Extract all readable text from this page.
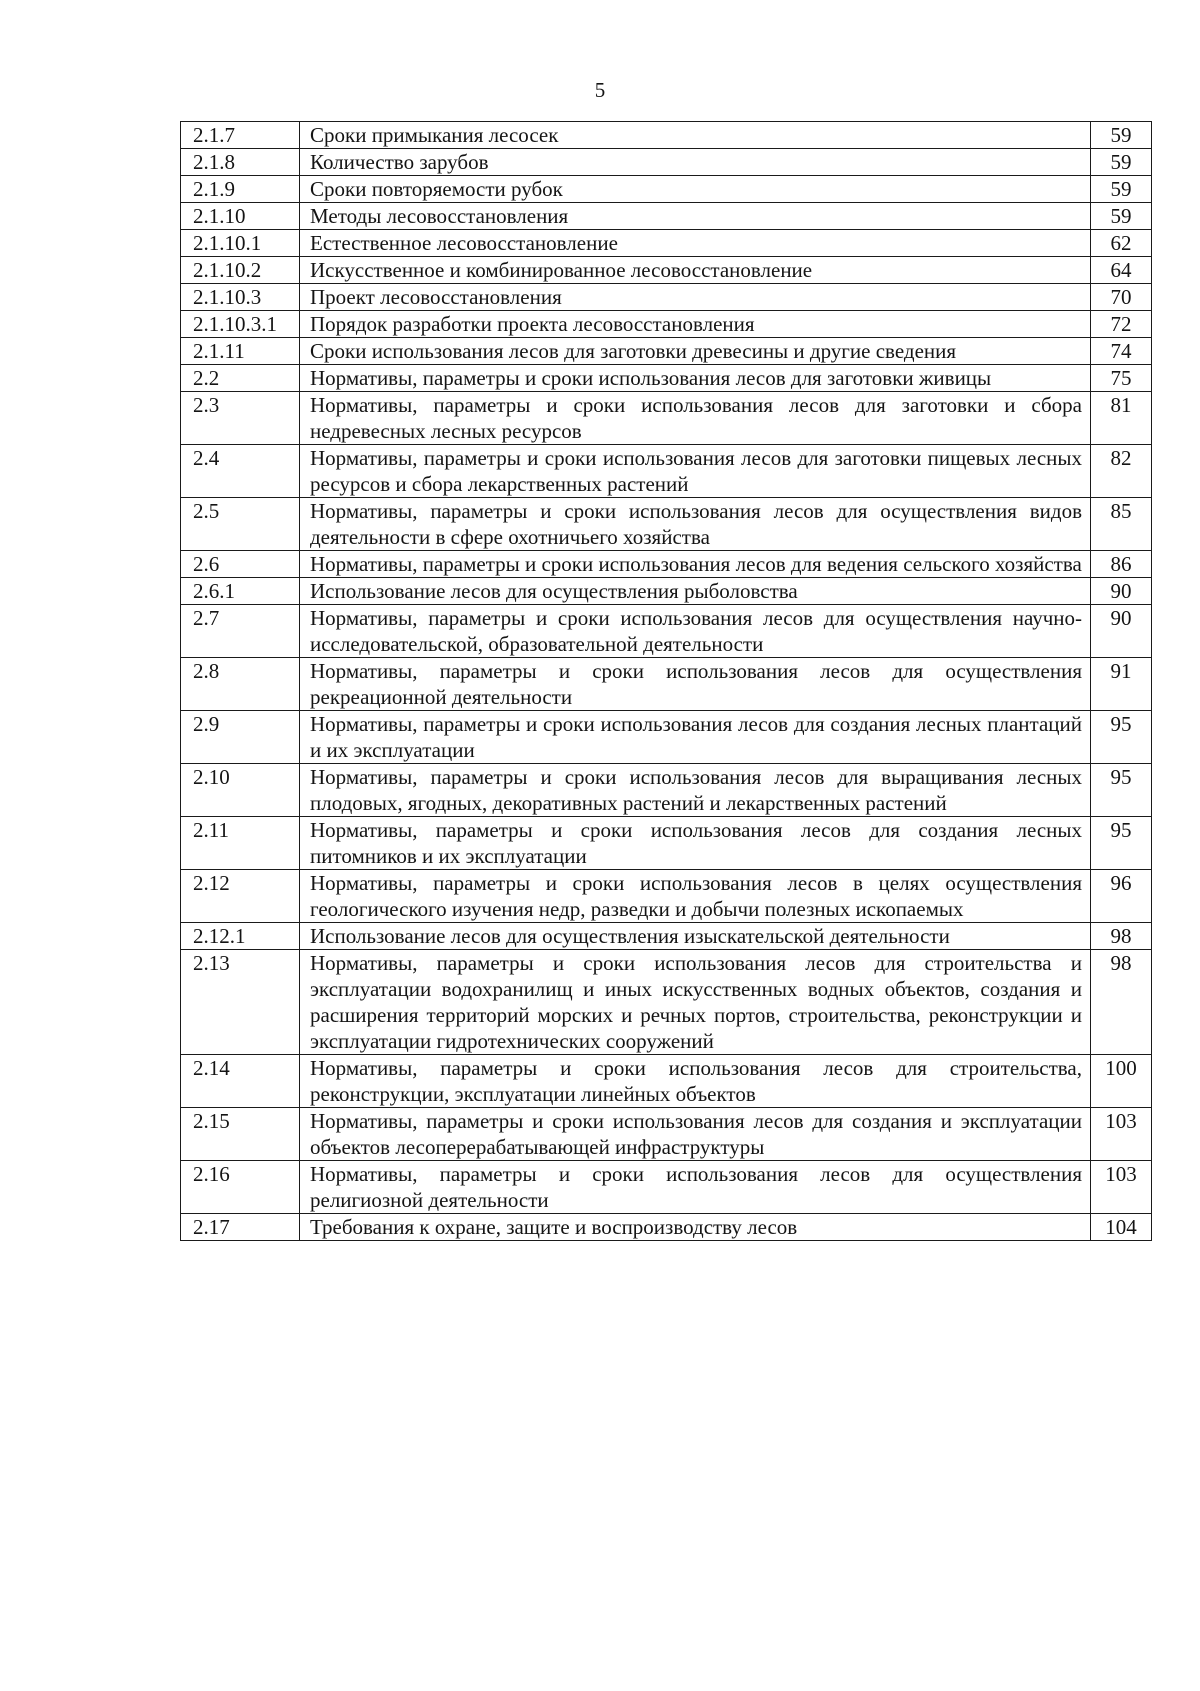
5
2.1.7	Сроки примыкания лесосек	59
2.1.8	Количество зарубов	59
2.1.9	Сроки повторяемости рубок	59
2.1.10	Методы лесовосстановления	59
2.1.10.1	Естественное лесовосстановление	62
2.1.10.2	Искусственное и комбинированное лесовосстановление	64
2.1.10.3	Проект лесовосстановления	70
2.1.10.3.1	Порядок разработки проекта лесовосстановления	72
2.1.11	Сроки использования лесов для заготовки древесины и другие сведения	74
2.2	Нормативы, параметры и сроки использования лесов для заготовки живицы	75
2.3	Нормативы, параметры и сроки использования лесов для заготовки и сбора недревесных лесных ресурсов	81
2.4	Нормативы, параметры и сроки использования лесов для заготовки пищевых лесных ресурсов и сбора лекарственных растений	82
2.5	Нормативы, параметры и сроки использования лесов для осуществления видов деятельности в сфере охотничьего хозяйства	85
2.6	Нормативы, параметры и сроки использования лесов для ведения сельского хозяйства	86
2.6.1	Использование лесов для осуществления рыболовства	90
2.7	Нормативы, параметры и сроки использования лесов для осуществления научно-исследовательской, образовательной деятельности	90
2.8	Нормативы, параметры и сроки использования лесов для осуществления рекреационной деятельности	91
2.9	Нормативы, параметры и сроки использования лесов для создания лесных плантаций и их эксплуатации	95
2.10	Нормативы, параметры и сроки использования лесов для выращивания лесных плодовых, ягодных, декоративных растений и лекарственных растений	95
2.11	Нормативы, параметры и сроки использования лесов для создания лесных питомников и их эксплуатации	95
2.12	Нормативы, параметры и сроки использования лесов в целях осуществления геологического изучения недр, разведки и добычи полезных ископаемых	96
2.12.1	Использование лесов для осуществления изыскательской деятельности	98
2.13	Нормативы, параметры и сроки использования лесов для строительства и эксплуатации водохранилищ и иных искусственных водных объектов, создания и расширения территорий морских и речных портов, строительства, реконструкции и эксплуатации гидротехнических сооружений	98
2.14	Нормативы, параметры и сроки использования лесов для строительства, реконструкции, эксплуатации линейных объектов	100
2.15	Нормативы, параметры и сроки использования лесов для создания и эксплуатации объектов лесоперерабатывающей инфраструктуры	103
2.16	Нормативы, параметры и сроки использования лесов для осуществления религиозной деятельности	103
2.17	Требования к охране, защите и воспроизводству лесов	104
